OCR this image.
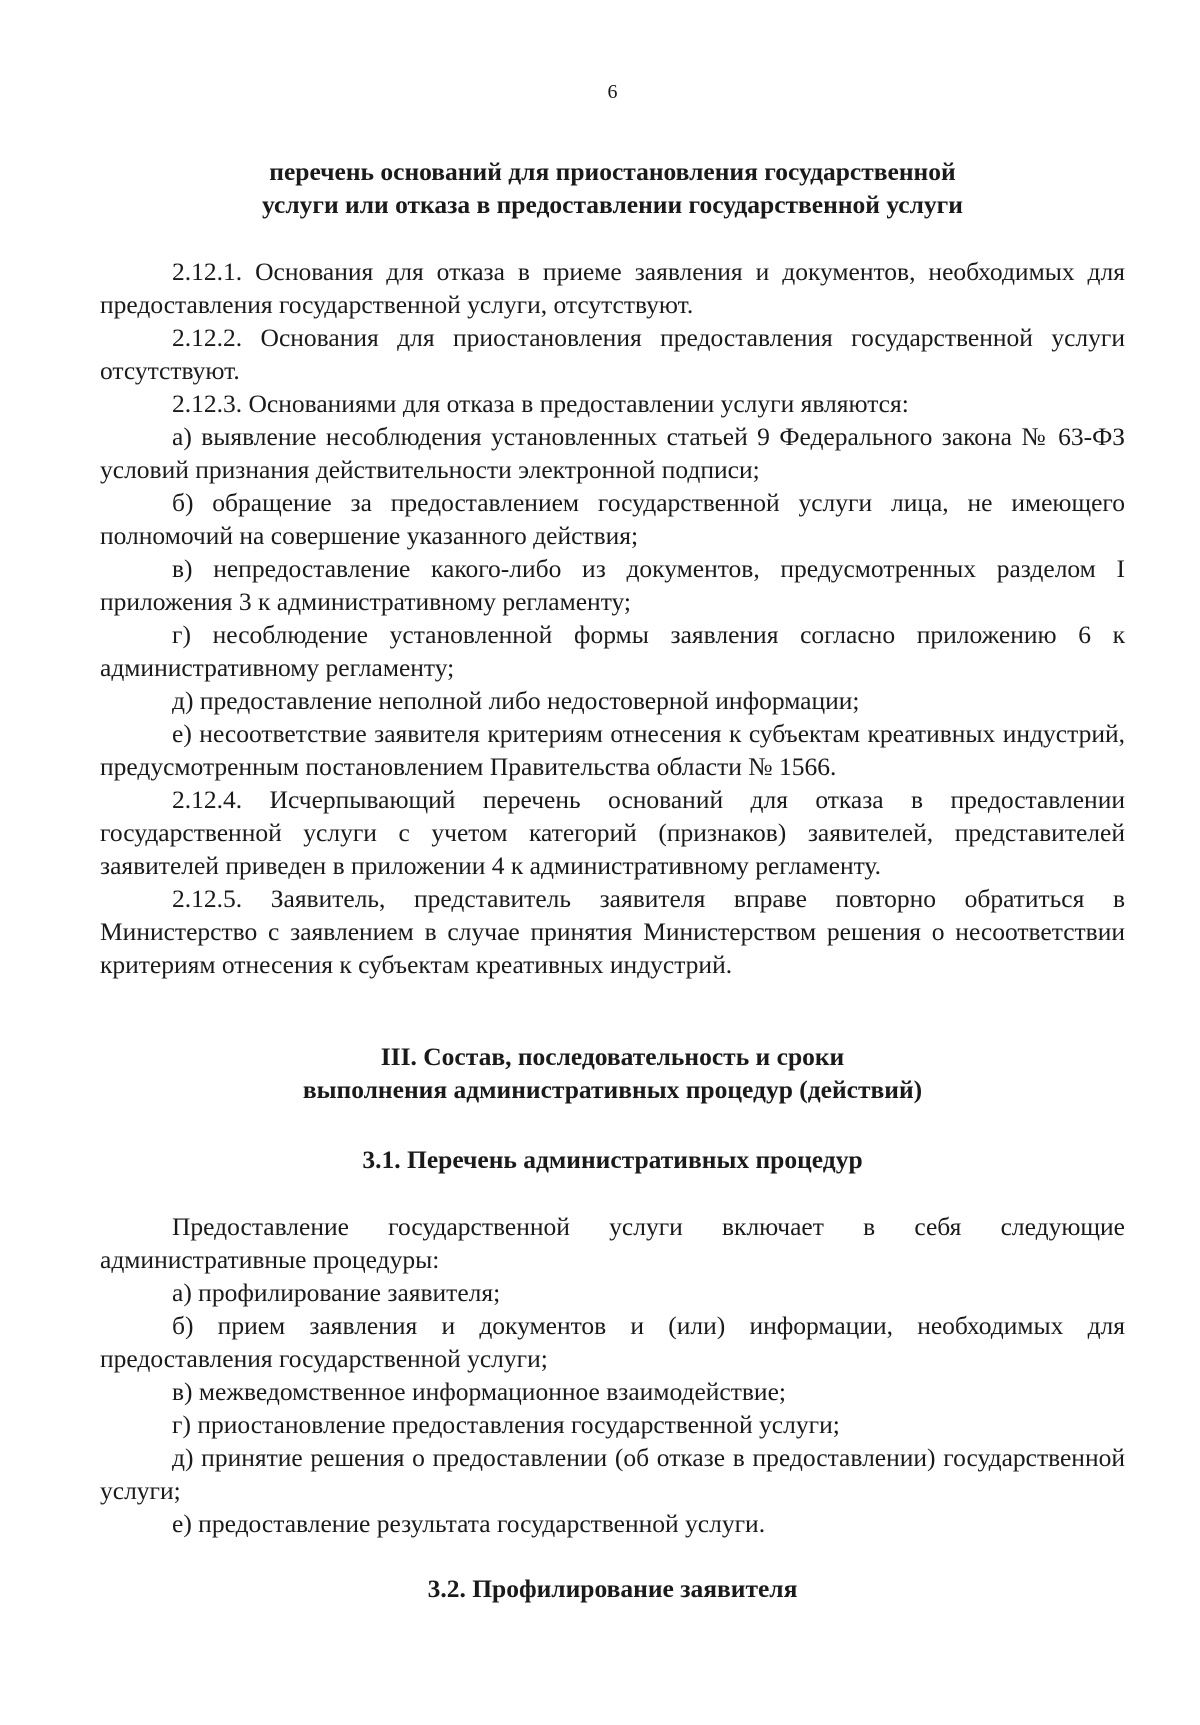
6

перечень оснований для приостановления государственной

услуги или отказа в предоставлении государственной услуги

2.12.1. Основания для отказа в приеме заявления и документов, необходимых для предоставления государственной услуги, отсутствуют.

2.12.2. Основания для приостановления предоставления государственной услуги отсутствуют.

2.12.3. Основаниями для отказа в предоставлении услуги являются:

а) выявление несоблюдения установленных статьей 9 Федерального закона № 63-ФЗ условий признания действительности электронной подписи;

б) обращение за предоставлением государственной услуги лица, не имеющего полномочий на совершение указанного действия;

в) непредоставление какого-либо из документов, предусмотренных разделом I приложения 3 к административному регламенту;

г) несоблюдение установленной формы заявления согласно приложению 6 к административному регламенту;

д) предоставление неполной либо недостоверной информации;

е) несоответствие заявителя критериям отнесения к субъектам креативных индустрий, предусмотренным постановлением Правительства области № 1566.

2.12.4. Исчерпывающий перечень оснований для отказа в предоставлении государственной услуги с учетом категорий (признаков) заявителей, представителей заявителей приведен в приложении 4 к административному регламенту.

2.12.5. Заявитель, представитель заявителя вправе повторно обратиться в Министерство с заявлением в случае принятия Министерством решения о несоответствии критериям отнесения к субъектам креативных индустрий.

III. Состав, последовательность и сроки

выполнения административных процедур (действий)

3.1. Перечень административных процедур

Предоставление государственной услуги включает в себя следующие административные процедуры:

а) профилирование заявителя;

б) прием заявления и документов и (или) информации, необходимых для предоставления государственной услуги;

в) межведомственное информационное взаимодействие;

г) приостановление предоставления государственной услуги;

д) принятие решения о предоставлении (об отказе в предоставлении) государственной услуги;

е) предоставление результата государственной услуги.

3.2. Профилирование заявителя
